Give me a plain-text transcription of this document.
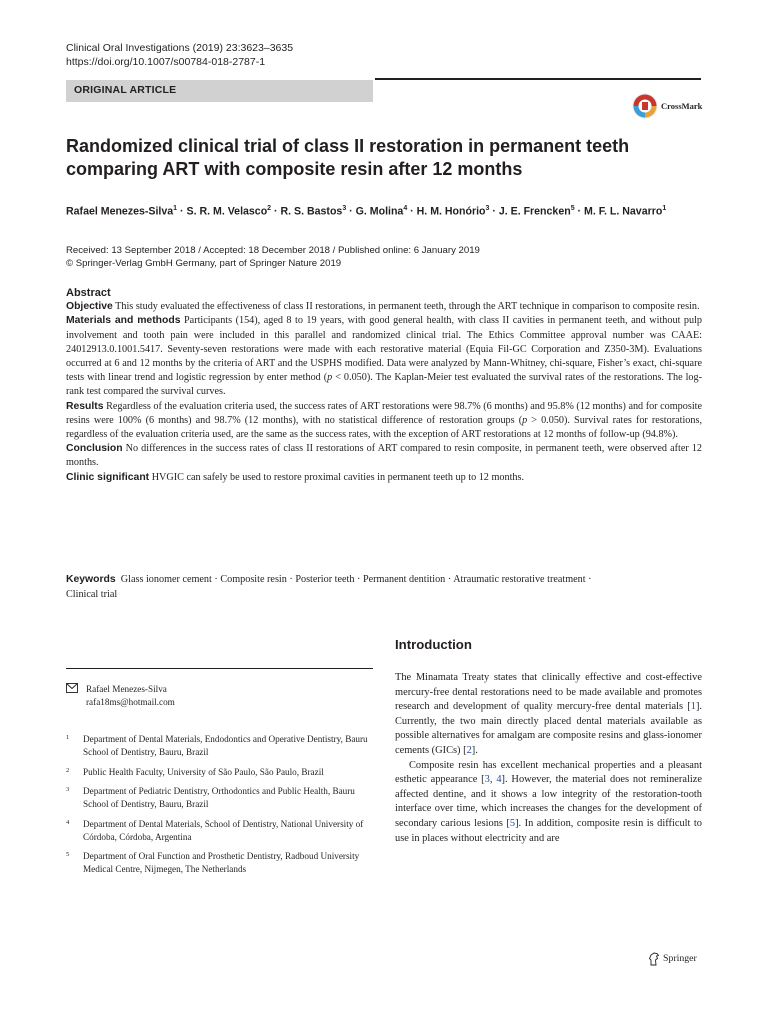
Clinical Oral Investigations (2019) 23:3623–3635
https://doi.org/10.1007/s00784-018-2787-1
ORIGINAL ARTICLE
CrossMark
Randomized clinical trial of class II restoration in permanent teeth
comparing ART with composite resin after 12 months
Rafael Menezes-Silva$^1$ · S. R. M. Velasco$^2$ · R. S. Bastos$^3$ · G. Molina$^4$ · H. M. Honório$^3$ · J. E. Frencken$^5$ · M. F. L. Navarro$^1$
Received: 13 September 2018 / Accepted: 18 December 2018 / Published online: 6 January 2019
© Springer-Verlag GmbH Germany, part of Springer Nature 2019
Abstract

Objective This study evaluated the effectiveness of class II restorations, in permanent teeth, through the ART technique in comparison to composite resin.

Materials and methods Participants (154), aged 8 to 19 years, with good general health, with class II cavities in permanent teeth, and without pulp involvement and tooth pain were included in this parallel and randomized clinical trial. The Ethics Committee approval number was CAAE: 24012913.0.1001.5417. Seventy-seven restorations were made with each restorative material (Equia Fil-GC Corporation and Z350-3M). Evaluations occurred at 6 and 12 months by the criteria of ART and the USPHS modified. Data were analyzed by Mann-Whitney, chi-square, Fisher’s exact, chi-square tests with linear trend and logistic regression by enter method (p < 0.050). The Kaplan-Meier test evaluated the survival rates of the restorations. The log-rank test compared the survival curves.

Results Regardless of the evaluation criteria used, the success rates of ART restorations were 98.7% (6 months) and 95.8% (12 months) and for composite resins were 100% (6 months) and 98.7% (12 months), with no statistical difference of restoration groups (p > 0.050). Survival rates for restorations, regardless of the evaluation criteria used, are the same as the success rates, with the exception of ART restorations at 12 months of follow-up (94.8%).

Conclusion No differences in the success rates of class II restorations of ART compared to resin composite, in permanent teeth, were observed after 12 months.

Clinic significant HVGIC can safely be used to restore proximal cavities in permanent teeth up to 12 months.

Keywords Glass ionomer cement · Composite resin · Posterior teeth · Permanent dentition · Atraumatic restorative treatment ·
Clinical trial
Rafael Menezes-Silva
rafa18ms@hotmail.com
1 Department of Dental Materials, Endodontics and Operative Dentistry, Bauru School of Dentistry, Bauru, Brazil
2 Public Health Faculty, University of São Paulo, São Paulo, Brazil
3 Department of Pediatric Dentistry, Orthodontics and Public Health, Bauru School of Dentistry, Bauru, Brazil
4 Department of Dental Materials, School of Dentistry, National University of Córdoba, Córdoba, Argentina
5 Department of Oral Function and Prosthetic Dentistry, Radboud University Medical Centre, Nijmegen, The Netherlands
Introduction

The Minamata Treaty states that clinically effective and cost-effective mercury-free dental restorations need to be made available and promotes research and development of quality mercury-free dental materials [1]. Currently, the two main directly placed dental materials available as possible alternatives for amalgam are composite resins and glass-ionomer cements (GICs) [2].

Composite resin has excellent mechanical properties and a pleasant esthetic appearance [3, 4]. However, the material does not remineralize affected dentine, and it shows a low integrity of the restoration-tooth interface over time, which increases the changes for the development of secondary carious lesions [5]. In addition, composite resin is difficult to use in places without electricity and are

Springer
